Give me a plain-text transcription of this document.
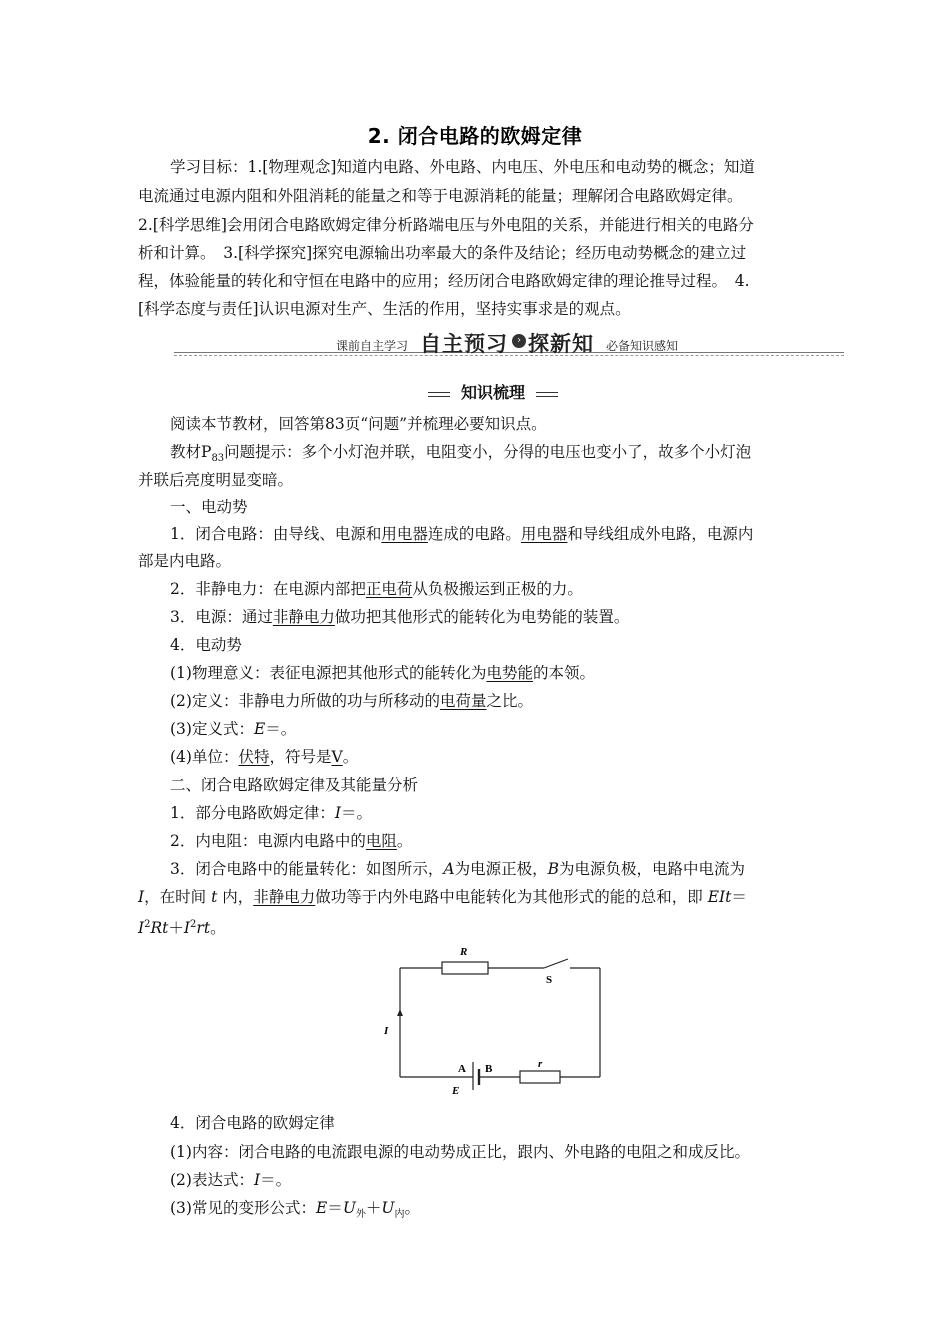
2. 闭合电路的欧姆定律
学习目标：1.[物理观念]知道内电路、外电路、内电压、外电压和电动势的概念；知道
电流通过电源内阻和外阻消耗的能量之和等于电源消耗的能量；理解闭合电路欧姆定律。
2.[科学思维]会用闭合电路欧姆定律分析路端电压与外电阻的关系，并能进行相关的电路分
析和计算。　3.[科学探究]探究电源输出功率最大的条件及结论；经历电动势概念的建立过
程，体验能量的转化和守恒在电路中的应用；经历闭合电路欧姆定律的理论推导过程。　4.
[科学态度与责任]认识电源对生产、生活的作用，坚持实事求是的观点。
课前自主学习 自主预习 › 探新知 必备知识感知
知识梳理
阅读本节教材，回答第83页“问题”并梳理必要知识点。
教材$P_{83}$问题提示：多个小灯泡并联，电阻变小，分得的电压也变小了，故多个小灯泡
并联后亮度明显变暗。
一、电动势
1．闭合电路：由导线、电源和用电器连成的电路。用电器和导线组成外电路，电源内
部是内电路。
2．非静电力：在电源内部把正电荷从负极搬运到正极的力。
3．电源：通过非静电力做功把其他形式的能转化为电势能的装置。
4．电动势
(1)物理意义：表征电源把其他形式的能转化为电势能的本领。
(2)定义：非静电力所做的功与所移动的电荷量之比。
(3)定义式：E＝。
(4)单位：伏特，符号是V。
二、闭合电路欧姆定律及其能量分析
1．部分电路欧姆定律：I＝。
2．内电阻：电源内电路中的电阻。
3．闭合电路中的能量转化：如图所示，A为电源正极，B为电源负极，电路中电流为
I，在时间 t 内，非静电力做功等于内外电路中电能转化为其他形式的能的总和，即 EIt＝
$I^2Rt+I^2rt$。
R
S
I
A B	r
E
4．闭合电路的欧姆定律
(1)内容：闭合电路的电流跟电源的电动势成正比，跟内、外电路的电阻之和成反比。
(2)表达式：I＝。
(3)常见的变形公式：$E=U_外+U_内$。
